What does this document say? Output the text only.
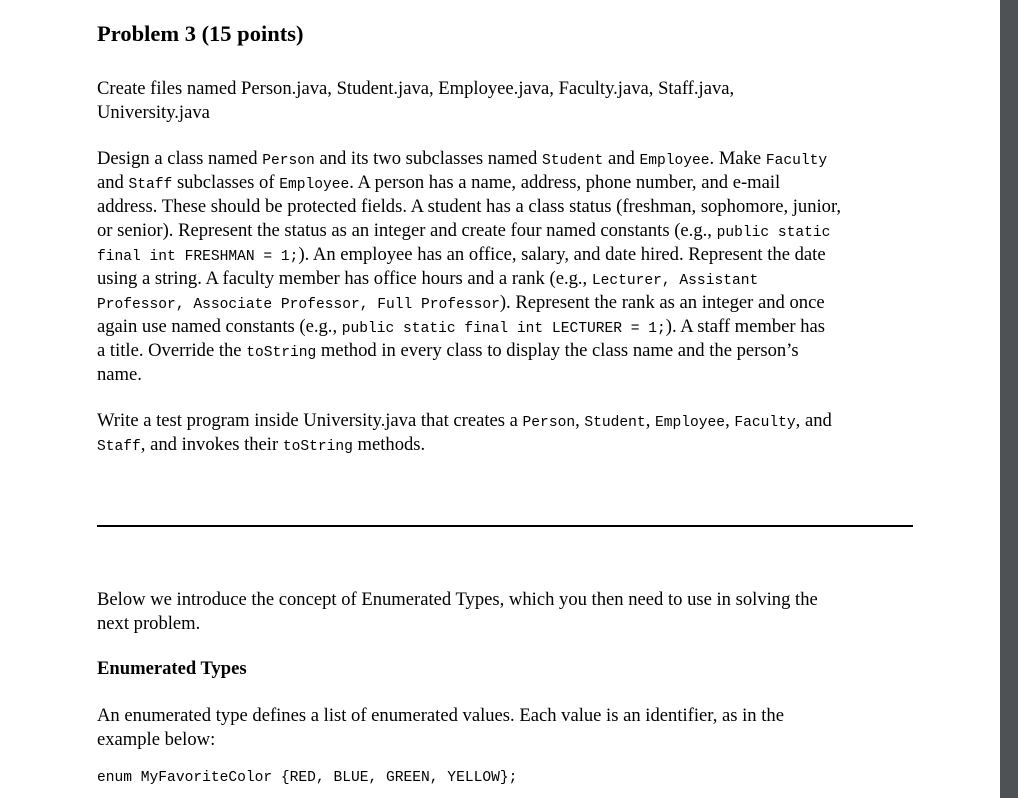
Problem 3 (15 points)

Create files named Person.java, Student.java, Employee.java, Faculty.java, Staff.java,

University.java

Design a class named Person and its two subclasses named Student and Employee. Make Faculty

and Staff subclasses of Employee. A person has a name, address, phone number, and e-mail

address. These should be protected fields. A student has a class status (freshman, sophomore, junior,

or senior). Represent the status as an integer and create four named constants (e.g., public static

final int FRESHMAN = 1;). An employee has an office, salary, and date hired. Represent the date

using a string. A faculty member has office hours and a rank (e.g., Lecturer, Assistant

Professor, Associate Professor, Full Professor). Represent the rank as an integer and once

again use named constants (e.g., public static final int LECTURER = 1;). A staff member has

a title. Override the toString method in every class to display the class name and the person’s

name.

Write a test program inside University.java that creates a Person, Student, Employee, Faculty, and

Staff, and invokes their toString methods.

Below we introduce the concept of Enumerated Types, which you then need to use in solving the

next problem.

Enumerated Types

An enumerated type defines a list of enumerated values. Each value is an identifier, as in the

example below:

enum MyFavoriteColor {RED, BLUE, GREEN, YELLOW};
